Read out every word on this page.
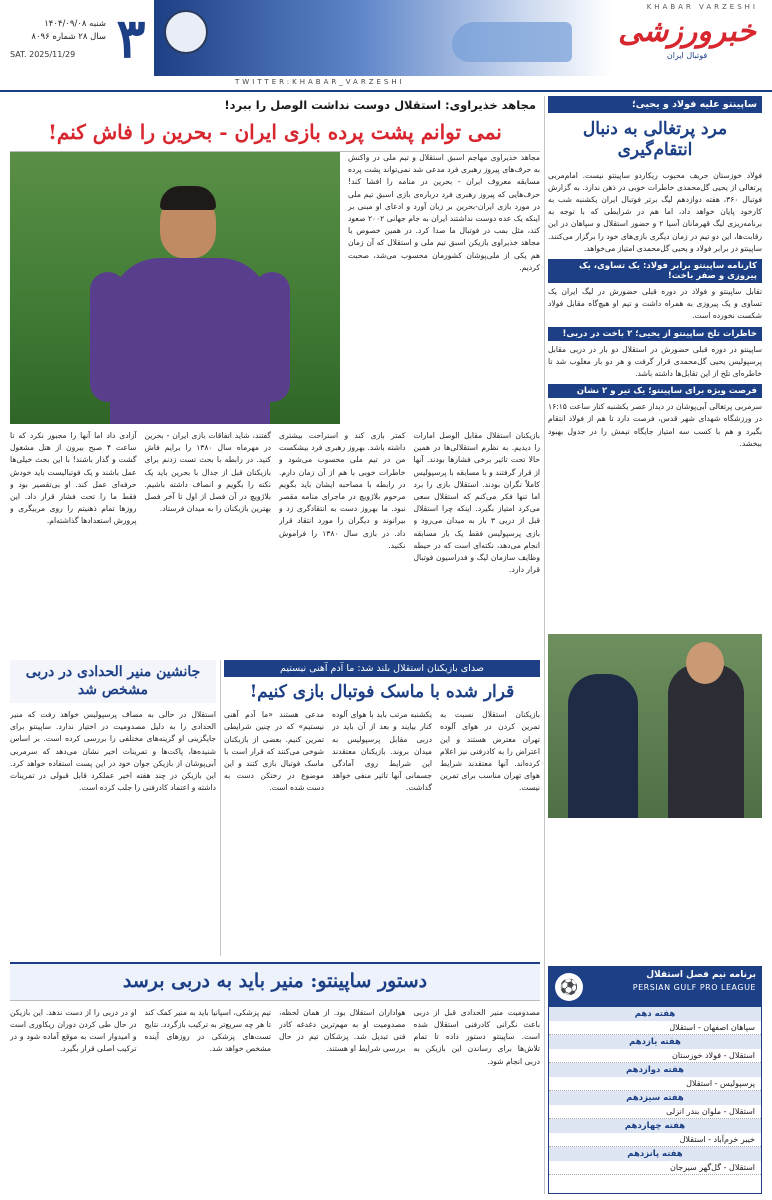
KHABAR VARZESHI
خبرورزشی
فوتبال ایران
TWITTER:KHABAR_VARZESHI
۳
شنبه ۱۴۰۴/۰۹/۰۸
سال ۲۸ شماره ۸۰۹۶
SAT. 2025/11/29
مجاهد خذیراوی: استقلال دوست نداشت الوصل را ببرد!
نمی توانم پشت پرده بازی ایران - بحرین را فاش کنم!

مجاهد خذیراوی مهاجم اسبق استقلال و تیم ملی در واکنش به حرف‌های پیروز رهبری فرد مدعی شد نمی‌تواند پشت پرده مسابقه معروف ایران - بحرین در منامه را افشا کند! حرف‌هایی که پیروز رهبری فرد درباره‌ی بازی اسبق تیم ملی در مورد بازی ایران-بحرین بر زبان آورد و ادعای او مبنی بر اینکه یک عده دوست نداشتند ایران به جام جهانی ۲۰۰۲ صعود کند، مثل بمب در فوتبال ما صدا کرد. در همین خصوص با مجاهد خذیراوی بازیکن اسبق تیم ملی و استقلال که آن زمان هم یکی از ملی‌پوشان کشورمان محسوب می‌شد، صحبت کردیم.

بازیکنان استقلال مقابل الوصل امارات را دیدیم. به نظرم استقلالی‌ها در همین حالا تحت تاثیر برخی فشارها بودند. آنها از قرار گرفتند و با مسابقه با پرسپولیس کاملاً نگران بودند. استقلال بازی را برد اما تنها فکر می‌کنم که استقلال سعی می‌کرد امتیاز بگیرد. اینکه چرا استقلال قبل از دربی ۳ بار به میدان می‌رود و بازی پرسپولیس فقط یک بار مسابقه انجام می‌دهد، نکته‌ای است که در حیطه وظایف سازمان لیگ و فدراسیون فوتبال قرار دارد.

کمتر بازی کند و استراحت بیشتری داشته باشد. بهروز رهبری فرد بیشکست من در تیم ملی محسوب می‌شود و خاطرات خوبی با هم از آن زمان دارم. در رابطه با مصاحبه ایشان باید بگویم مرحوم بلاژویچ در ماجرای منامه مقصر نبود. ما بهروز دست به انتقادگری زد و بیرانوند و دیگران را مورد انتقاد قرار داد. در بازی سال ۱۳۸۰ را فراموش نکنید.

گفتند، شاید اتفاقات بازی ایران - بحرین در مهرماه سال ۱۳۸۰ را برایم فاش کنید. در رابطه با بحث تست زدنم برای بازیکنان قبل از جدال با بحرین باید یک نکته را بگویم و انصاف داشته باشیم. بلاژویچ در آن فصل از اول تا آخر فصل بهترین بازیکنان را به میدان فرستاد.

آزادی داد اما آنها را مجبور نکرد که تا ساعت ۴ صبح بیرون از هتل مشغول گشت و گذار باشند! با این بحث خیلی‌ها عمل باشند و یک فوتبالیست باید خودش حرفه‌ای عمل کند. او بی‌تقصیر بود و فقط ما را تحت فشار قرار داد. این روزها تمام ذهنیتم را روی مربیگری و پرورش استعدادها گذاشته‌ام.

ساپینتو علیه فولاد و یحیی؛
مرد پرتغالی به دنبال انتقام‌گیری

فولاد خوزستان حریف محبوب ریکاردو ساپینتو نیست. امام‌مربی پرتغالی از یحیی گل‌محمدی خاطرات خوبی در ذهن ندارد. به گزارش فوتبال ۳۶۰، هفته دوازدهم لیگ برتر فوتبال ایران یکشنبه شب به کارخود پایان خواهد داد، اما هم در شرایطی که با توجه به برنامه‌ریزی لیگ قهرمانان آسیا ۲ و حضور استقلال و سپاهان در این رقابت‌ها، این دو تیم در زمان دیگری بازی‌های خود را برگزار می‌کنند. ساپینتو در برابر فولاد و یحیی گل‌محمدی امتیاز می‌خواهد.

کارنامه ساپینتو برابر فولاد: یک تساوی، یک پیروزی و صفر باخت!

تقابل ساپینتو و فولاد در دوره قبلی حضورش در لیگ ایران یک تساوی و یک پیروزی به همراه داشت و تیم او هیچ‌گاه مقابل فولاد شکست نخورده است.

خاطرات تلخ ساپینتو از یحیی؛ ۲ باخت در دربی!

ساپینتو در دوره قبلی حضورش در استقلال دو بار در دربی مقابل پرسپولیس یحیی گل‌محمدی قرار گرفت و هر دو بار مغلوب شد تا خاطره‌ای تلخ از این تقابل‌ها داشته باشد.

فرصت ویژه برای ساپینتو؛ یک تیر و ۲ نشان

سرمربی پرتغالی آبی‌پوشان در دیدار عصر یکشنبه کنار ساعت ۱۶:۱۵ در ورزشگاه شهدای شهر قدس، فرصت دارد تا هم از فولاد انتقام بگیرد و هم با کسب سه امتیاز جایگاه تیمش را در جدول بهبود ببخشد.

جانشین منیر الحدادی در دربی مشخص شد

استقلال در حالی به مصاف پرسپولیس خواهد رفت که منیر الحدادی را به دلیل مصدومیت در اختیار ندارد. ساپینتو برای جایگزینی او گزینه‌های مختلفی را بررسی کرده است. بر اساس شنیده‌ها، پاکت‌ها و تمرینات اخیر نشان می‌دهد که سرمربی آبی‌پوشان از بازیکن جوان خود در این پست استفاده خواهد کرد. این بازیکن در چند هفته اخیر عملکرد قابل قبولی در تمرینات داشته و اعتماد کادرفنی را جلب کرده است.

صدای بازیکنان استقلال بلند شد: ما آدم آهنی نیستیم
قرار شده با ماسک فوتبال بازی کنیم!

بازیکنان استقلال نسبت به تمرین کردن در هوای آلوده تهران معترض هستند و این اعتراض را به کادرفنی نیز اعلام کرده‌اند. آنها معتقدند شرایط هوای تهران مناسب برای تمرین نیست.

یکشنبه مرتب باید با هوای آلوده کنار بیایند و بعد از آن باید در دربی مقابل پرسپولیس به میدان بروند. بازیکنان معتقدند این شرایط روی آمادگی جسمانی آنها تاثیر منفی خواهد گذاشت.

مدعی هستند «ما آدم آهنی نیستیم» که در چنین شرایطی تمرین کنیم. بعضی از بازیکنان شوخی می‌کنند که قرار است با ماسک فوتبال بازی کنند و این موضوع در رختکن دست به دست شده است.

دستور ساپینتو: منیر باید به دربی برسد

مصدومیت منیر الحدادی قبل از دربی باعث نگرانی کادرفنی استقلال شده است. ساپینتو دستور داده تا تمام تلاش‌ها برای رساندن این بازیکن به دربی انجام شود.

هواداران استقلال بود. از همان لحظه، مصدومیت او به مهم‌ترین دغدغه کادر فنی تبدیل شد. پزشکان تیم در حال بررسی شرایط او هستند.

تیم پزشکی، اسپانیا باید به منیر کمک کند تا هر چه سریع‌تر به ترکیب بازگردد. نتایج تست‌های پزشکی در روزهای آینده مشخص خواهد شد.

او در دربی را از دست ندهد. این بازیکن در حال طی کردن دوران ریکاوری است و امیدوار است به موقع آماده شود و در ترکیب اصلی قرار بگیرد.

برنامه نیم فصل استقلال
PERSIAN GULF PRO LEAGUE
⚽
هفته دهم
سپاهان اصفهان - استقلال
هفته یازدهم
استقلال - فولاد خوزستان
هفته دوازدهم
پرسپولیس - استقلال
هفته سیزدهم
استقلال - ملوان بندر انزلی
هفته چهاردهم
خیبر خرم‌آباد - استقلال
هفته پانزدهم
استقلال - گل‌گهر سیرجان
